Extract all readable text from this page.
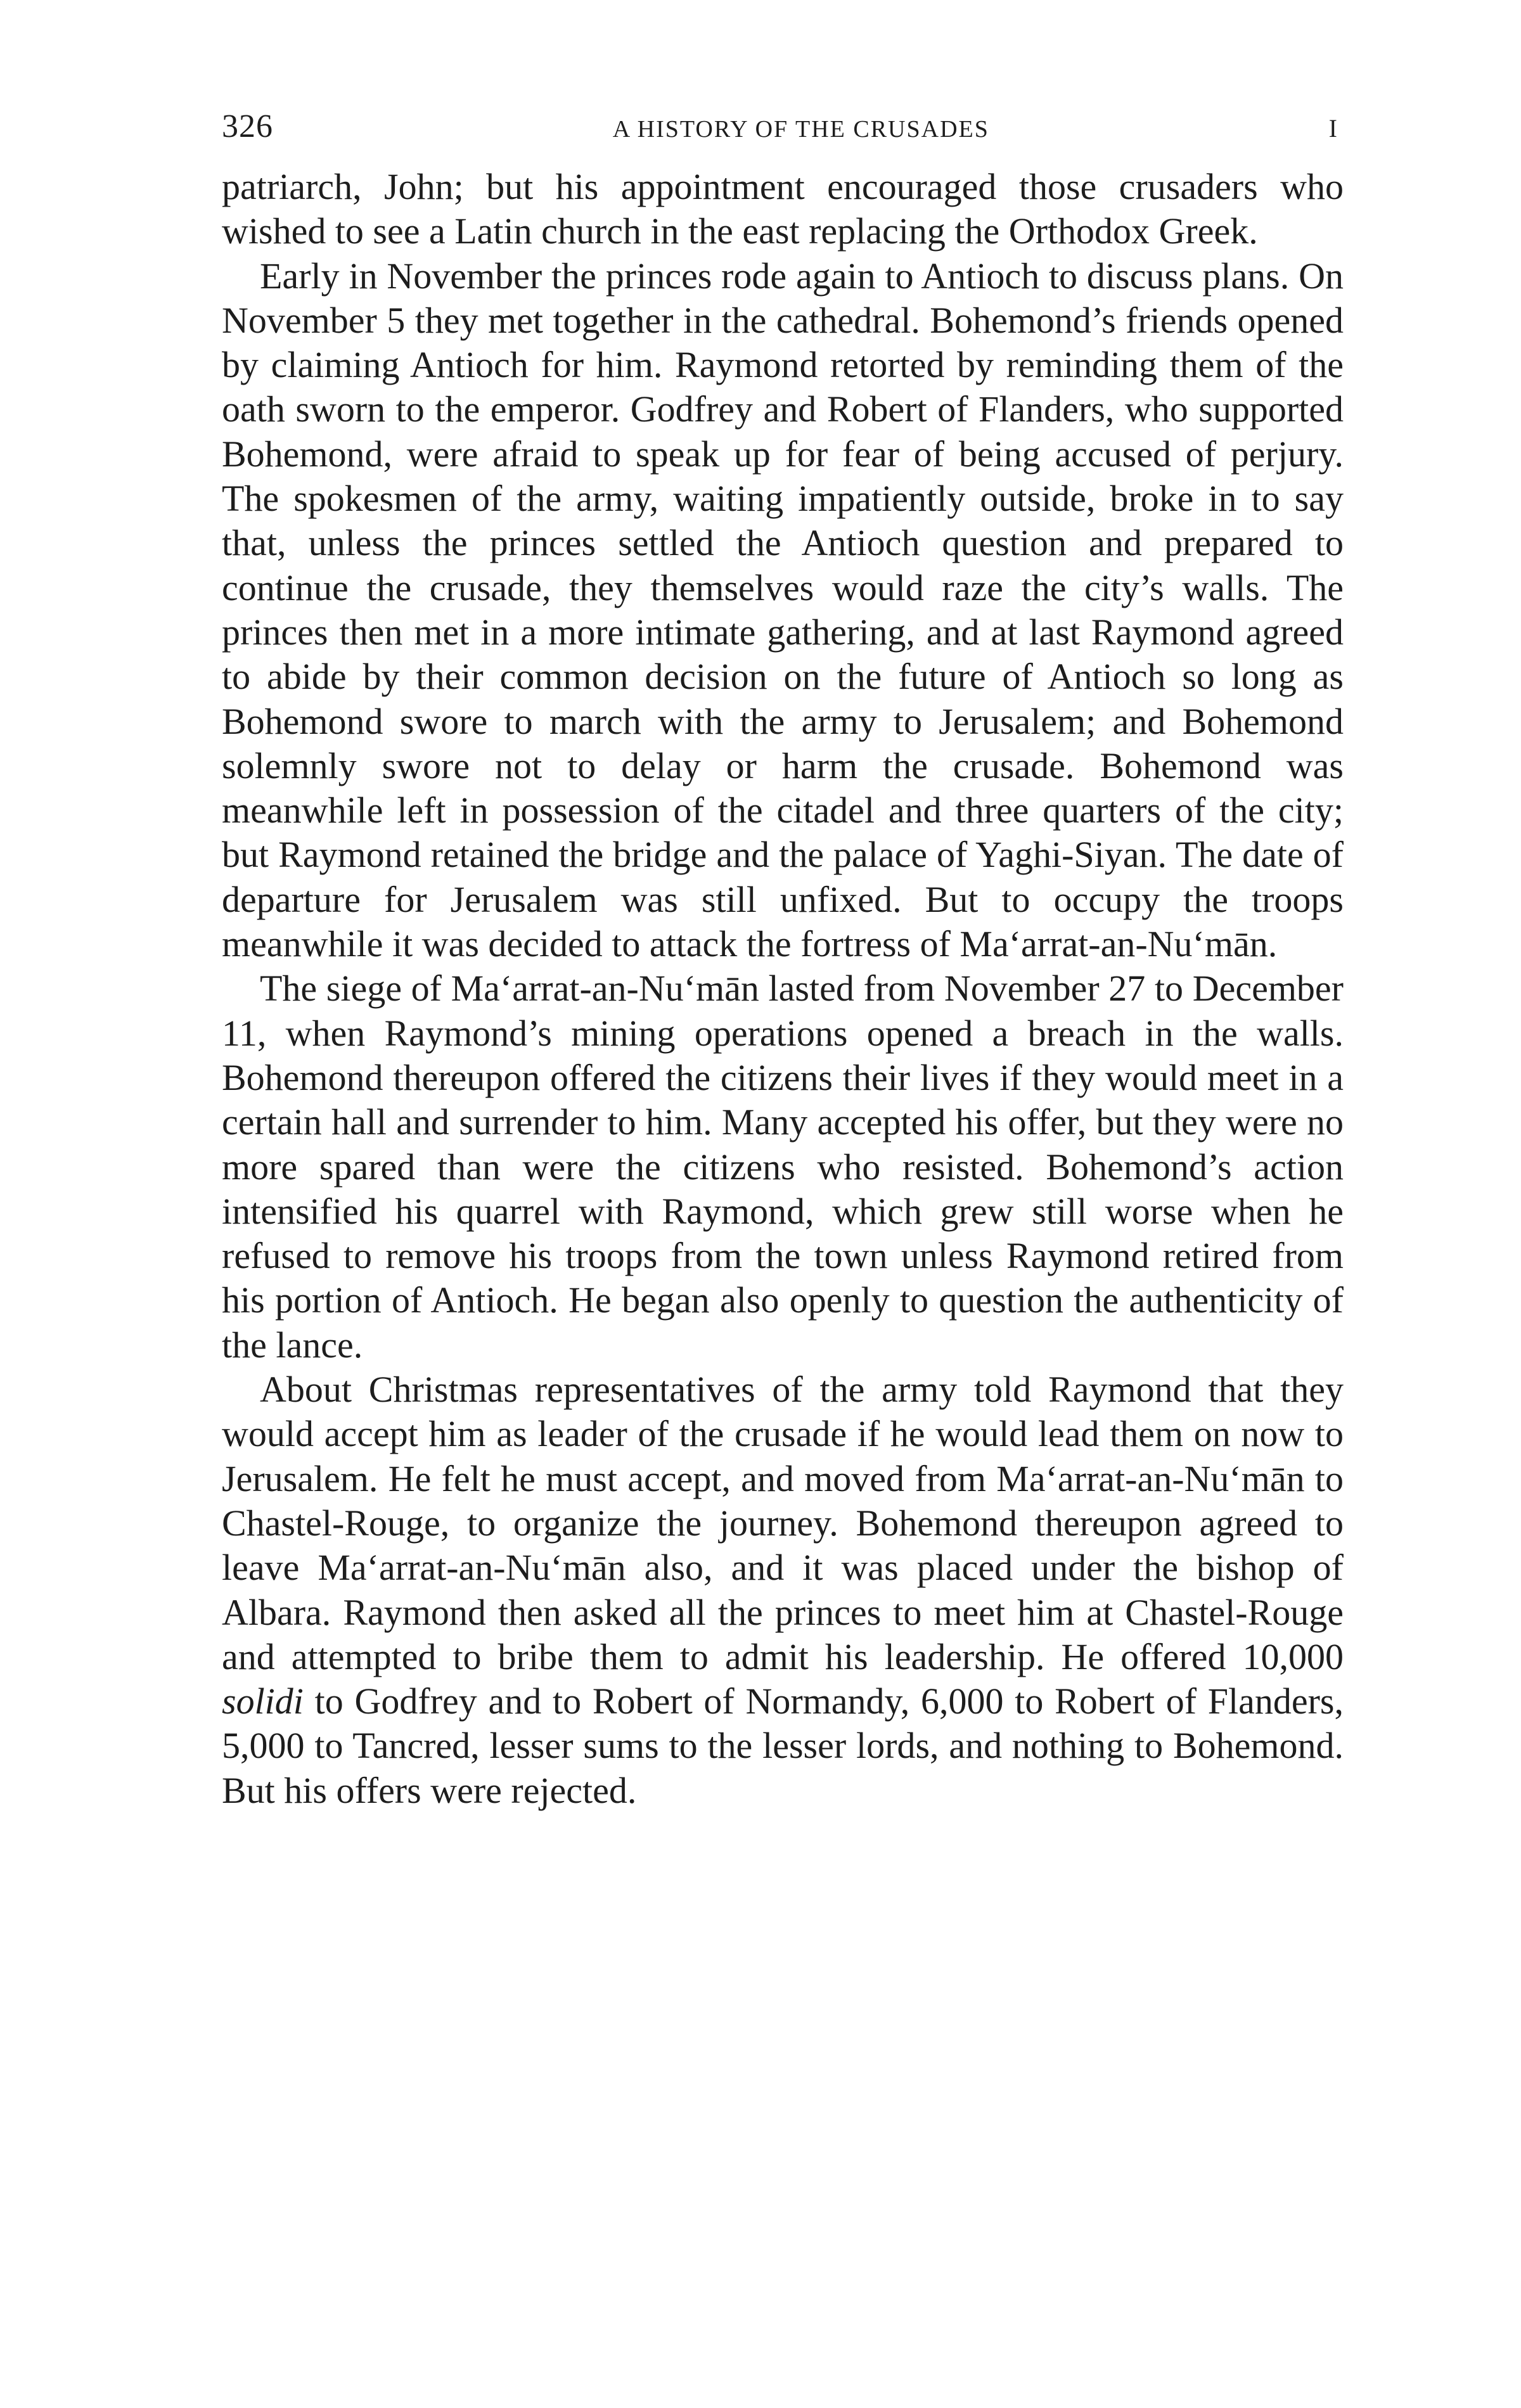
326	A HISTORY OF THE CRUSADES	I

patriarch, John; but his appointment encouraged those crusaders who wished to see a Latin church in the east replacing the Orthodox Greek.

Early in November the princes rode again to Antioch to discuss plans. On November 5 they met together in the cathedral. Bohemond’s friends opened by claiming Antioch for him. Raymond retorted by reminding them of the oath sworn to the emperor. Godfrey and Robert of Flanders, who supported Bohemond, were afraid to speak up for fear of being accused of perjury. The spokesmen of the army, waiting impatiently outside, broke in to say that, unless the princes settled the Antioch question and prepared to continue the crusade, they themselves would raze the city’s walls. The princes then met in a more intimate gathering, and at last Raymond agreed to abide by their common decision on the future of Antioch so long as Bohemond swore to march with the army to Jerusalem; and Bohemond solemnly swore not to delay or harm the crusade. Bohemond was meanwhile left in possession of the citadel and three quarters of the city; but Raymond retained the bridge and the palace of Yaghi-Siyan. The date of departure for Jerusalem was still unfixed. But to occupy the troops meanwhile it was decided to attack the fortress of Ma‘arrat-an-Nu‘mān.

The siege of Ma‘arrat-an-Nu‘mān lasted from November 27 to December 11, when Raymond’s mining operations opened a breach in the walls. Bohemond thereupon offered the citizens their lives if they would meet in a certain hall and surrender to him. Many accepted his offer, but they were no more spared than were the citizens who resisted. Bohemond’s action intensified his quarrel with Raymond, which grew still worse when he refused to remove his troops from the town unless Raymond retired from his portion of Antioch. He began also openly to question the authenticity of the lance.

About Christmas representatives of the army told Raymond that they would accept him as leader of the crusade if he would lead them on now to Jerusalem. He felt he must accept, and moved from Ma‘arrat-an-Nu‘mān to Chastel-Rouge, to organize the journey. Bohemond thereupon agreed to leave Ma‘arrat-an-Nu‘mān also, and it was placed under the bishop of Albara. Raymond then asked all the princes to meet him at Chastel-Rouge and attempted to bribe them to admit his leadership. He offered 10,000 solidi to Godfrey and to Robert of Normandy, 6,000 to Robert of Flanders, 5,000 to Tancred, lesser sums to the lesser lords, and nothing to Bohemond. But his offers were rejected.
